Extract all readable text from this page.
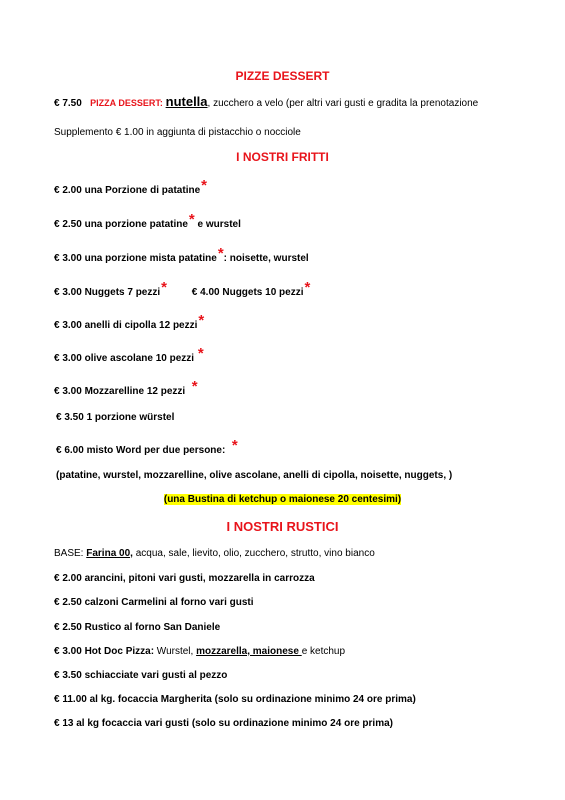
PIZZE DESSERT
€ 7.50 PIZZA DESSERT: nutella, zucchero a velo (per altri vari gusti e gradita la prenotazione
Supplemento € 1.00 in aggiunta di pistacchio o nocciole
I NOSTRI FRITTI
€ 2.00 una Porzione di patatine*
€ 2.50 una porzione patatine* e wurstel
€ 3.00 una porzione mista patatine*: noisette, wurstel
€ 3.00 Nuggets 7 pezzi* € 4.00 Nuggets 10 pezzi*
€ 3.00 anelli di cipolla 12 pezzi*
€ 3.00 olive ascolane 10 pezzi *
€ 3.00 Mozzarelline 12 pezzi *
€ 3.50 1 porzione würstel
€ 6.00 misto Word per due persone: *
(patatine, wurstel, mozzarelline, olive ascolane, anelli di cipolla, noisette, nuggets, )
(una Bustina di ketchup o maionese 20 centesimi)
I NOSTRI RUSTICI
BASE: Farina 00, acqua, sale, lievito, olio, zucchero, strutto, vino bianco
€ 2.00 arancini, pitoni vari gusti, mozzarella in carrozza
€ 2.50 calzoni Carmelini al forno vari gusti
€ 2.50 Rustico al forno San Daniele
€ 3.00 Hot Doc Pizza: Wurstel, mozzarella, maionese e ketchup
€ 3.50 schiacciate vari gusti al pezzo
€ 11.00 al kg. focaccia Margherita (solo su ordinazione minimo 24 ore prima)
€ 13 al kg focaccia vari gusti (solo su ordinazione minimo 24 ore prima)
